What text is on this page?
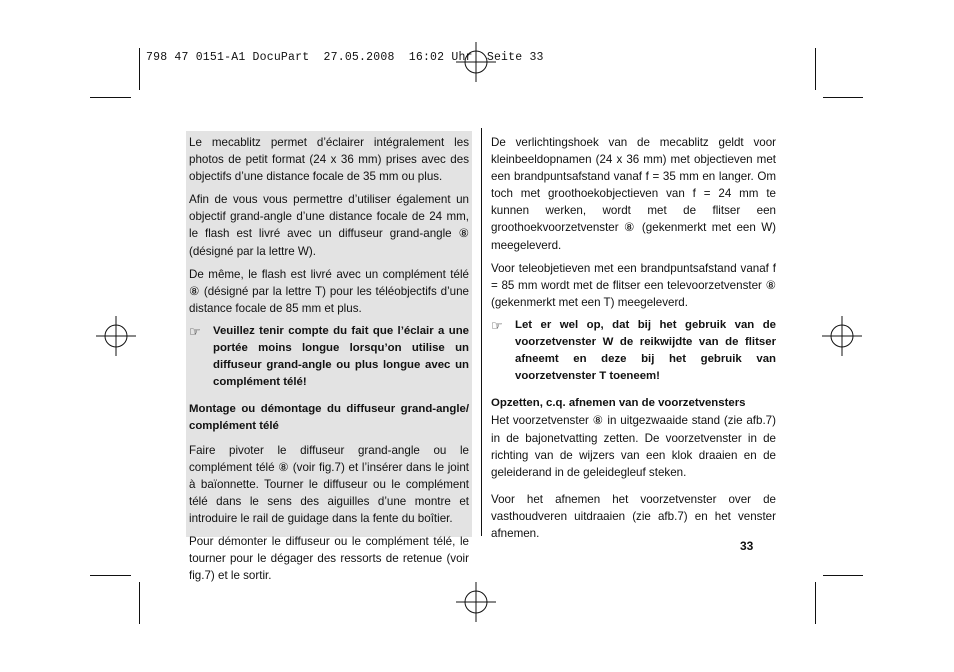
798 47 0151-A1 DocuPart  27.05.2008  16:02 Uhr  Seite 33

Le mecablitz permet d’éclairer intégralement les photos de petit format (24 x 36 mm) prises avec des objectifs d’une distance focale de 35 mm ou plus.

Afin de vous vous permettre d’utiliser également un objectif grand-angle d’une distance focale de 24 mm, le flash est livré avec un diffuseur grand-angle ⑧ (désigné par la lettre W).

De même, le flash est livré avec un complément télé ⑧ (désigné par la lettre T) pour les téléobjectifs d’une distance focale de 85 mm et plus.

☞	Veuillez tenir compte du fait que l’éclair a une portée moins longue lorsqu’on utilise un diffuseur grand-angle ou plus longue avec un complément télé!
Montage ou démontage du diffuseur grand-angle/ complément télé

Faire pivoter le diffuseur grand-angle ou le complément télé ⑧ (voir fig.7) et l’insérer dans le joint à baïonnette. Tourner le diffuseur ou le complément télé dans le sens des aiguilles d’une montre et introduire le rail de guidage dans la fente du boîtier.

Pour démonter le diffuseur ou le complément télé, le tourner pour le dégager des ressorts de retenue (voir fig.7) et le sortir.

De verlichtingshoek van de mecablitz geldt voor kleinbeeldopnamen (24 x 36 mm) met objectieven met een brandpuntsafstand vanaf f = 35 mm en langer. Om toch met groothoekobjectieven van f = 24 mm te kunnen werken, wordt met de flitser een groothoekvoorzetvenster ⑧ (gekenmerkt met een W) meegeleverd.

Voor teleobjetieven met een brandpuntsafstand vanaf f = 85 mm wordt met de flitser een televoorzetvenster ⑧ (gekenmerkt met een T) meegeleverd.

☞	Let er wel op, dat bij het gebruik van de voorzetvenster W de reikwijdte van de flitser afneemt en deze bij het gebruik van voorzetvenster T toeneem!
Opzetten, c.q. afnemen van de voorzetvensters

Het voorzetvenster ⑧ in uitgezwaaide stand (zie afb.7) in de bajonetvatting zetten. De voorzetvenster in de richting van de wijzers van een klok draaien en de geleiderand in de geleidegleuf steken.

Voor het afnemen het voorzetvenster over de vasthoudveren uitdraaien (zie afb.7) en het venster afnemen.

33
